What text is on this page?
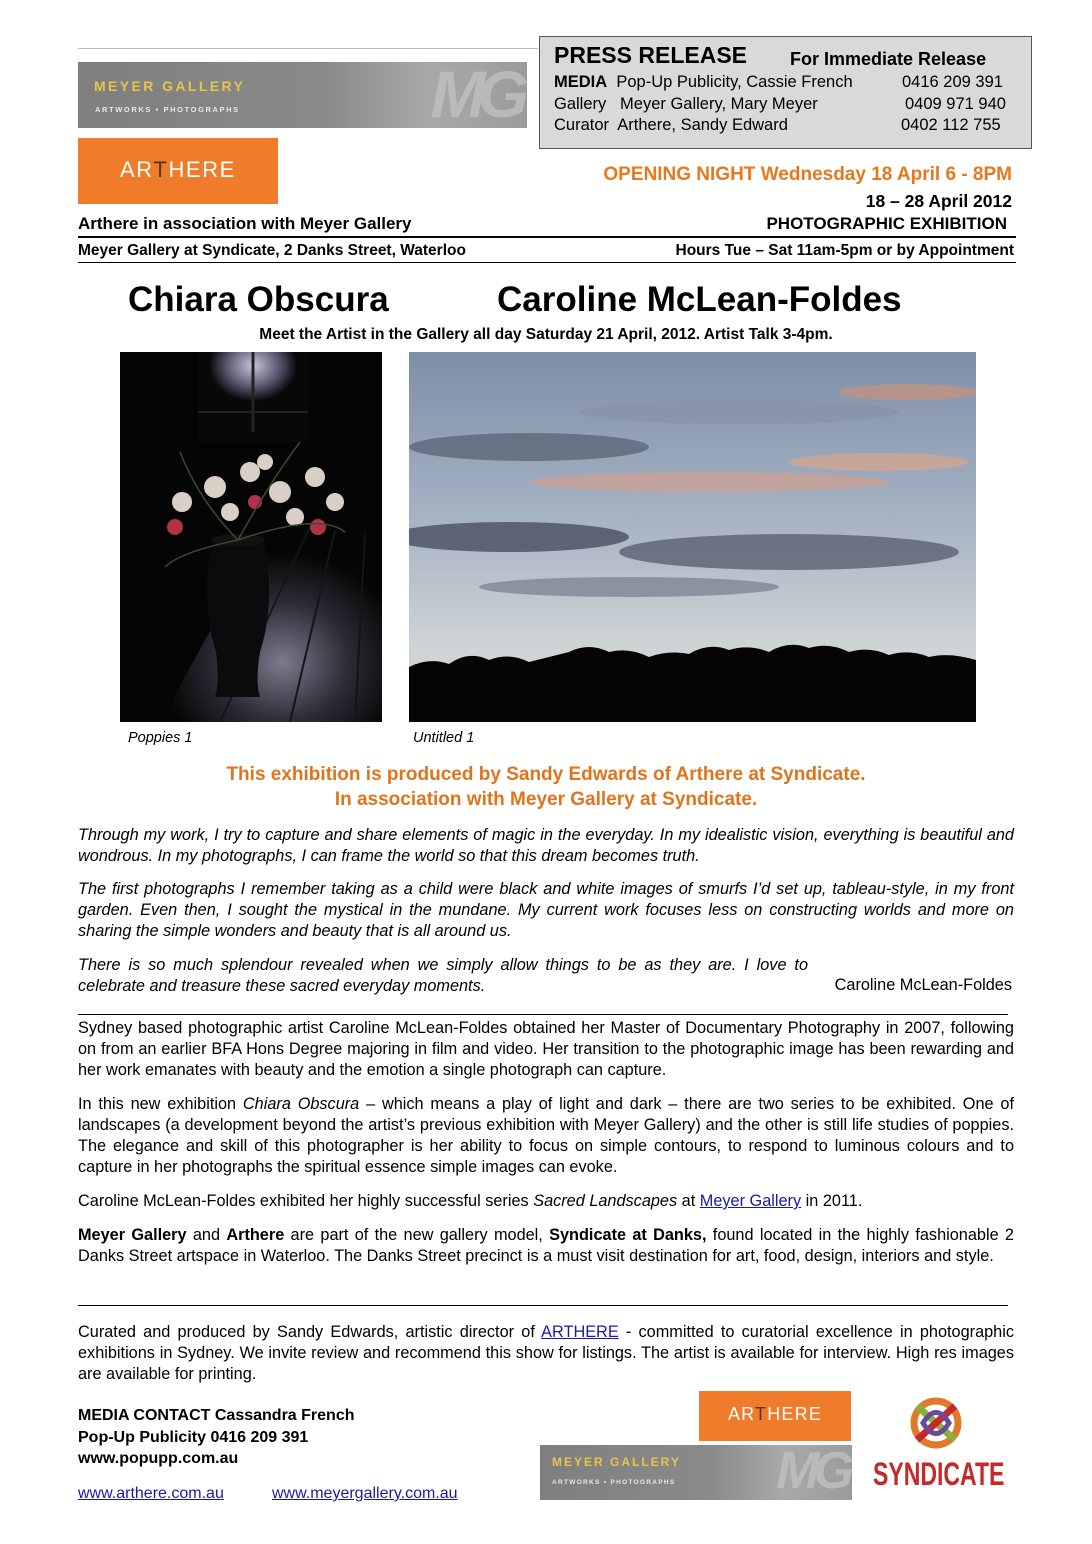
MEYER GALLERY
ARTWORKS • PHOTOGRAPHS	MG
ARTHERE
PRESS RELEASE For Immediate Release
MEDIA Pop-Up Publicity, Cassie French	0416 209 391
Gallery Meyer Gallery, Mary Meyer	0409 971 940
Curator Arthere, Sandy Edward	0402 112 755
OPENING NIGHT Wednesday 18 April 6 - 8PM
18 – 28 April 2012
Arthere in association with Meyer Gallery	PHOTOGRAPHIC EXHIBITION
Meyer Gallery at Syndicate, 2 Danks Street, Waterloo	Hours Tue – Sat 11am-5pm or by Appointment
Chiara Obscura	Caroline McLean-Foldes
Meet the Artist in the Gallery all day Saturday 21 April, 2012. Artist Talk 3-4pm.
Poppies 1	Untitled 1
This exhibition is produced by Sandy Edwards of Arthere at Syndicate.
In association with Meyer Gallery at Syndicate.
Through my work, I try to capture and share elements of magic in the everyday. In my idealistic vision, everything is beautiful and wondrous. In my photographs, I can frame the world so that this dream becomes truth.
The first photographs I remember taking as a child were black and white images of smurfs I’d set up, tableau-style, in my front garden. Even then, I sought the mystical in the mundane. My current work focuses less on constructing worlds and more on sharing the simple wonders and beauty that is all around us.
There is so much splendour revealed when we simply allow things to be as they are. I love to celebrate and treasure these sacred everyday moments.	Caroline McLean-Foldes
Sydney based photographic artist Caroline McLean-Foldes obtained her Master of Documentary Photography in 2007, following on from an earlier BFA Hons Degree majoring in film and video. Her transition to the photographic image has been rewarding and her work emanates with beauty and the emotion a single photograph can capture.
In this new exhibition Chiara Obscura – which means a play of light and dark – there are two series to be exhibited. One of landscapes (a development beyond the artist’s previous exhibition with Meyer Gallery) and the other is still life studies of poppies. The elegance and skill of this photographer is her ability to focus on simple contours, to respond to luminous colours and to capture in her photographs the spiritual essence simple images can evoke.
Caroline McLean-Foldes exhibited her highly successful series Sacred Landscapes at Meyer Gallery in 2011.
Meyer Gallery and Arthere are part of the new gallery model, Syndicate at Danks, found located in the highly fashionable 2 Danks Street artspace in Waterloo. The Danks Street precinct is a must visit destination for art, food, design, interiors and style.
Curated and produced by Sandy Edwards, artistic director of ARTHERE - committed to curatorial excellence in photographic exhibitions in Sydney. We invite review and recommend this show for listings. The artist is available for interview. High res images are available for printing.
MEDIA CONTACT Cassandra French
Pop-Up Publicity 0416 209 391
www.popupp.com.au
www.arthere.com.au	www.meyergallery.com.au
ARTHERE
MEYER GALLERY
ARTWORKS • PHOTOGRAPHS MG SYNDICATE
